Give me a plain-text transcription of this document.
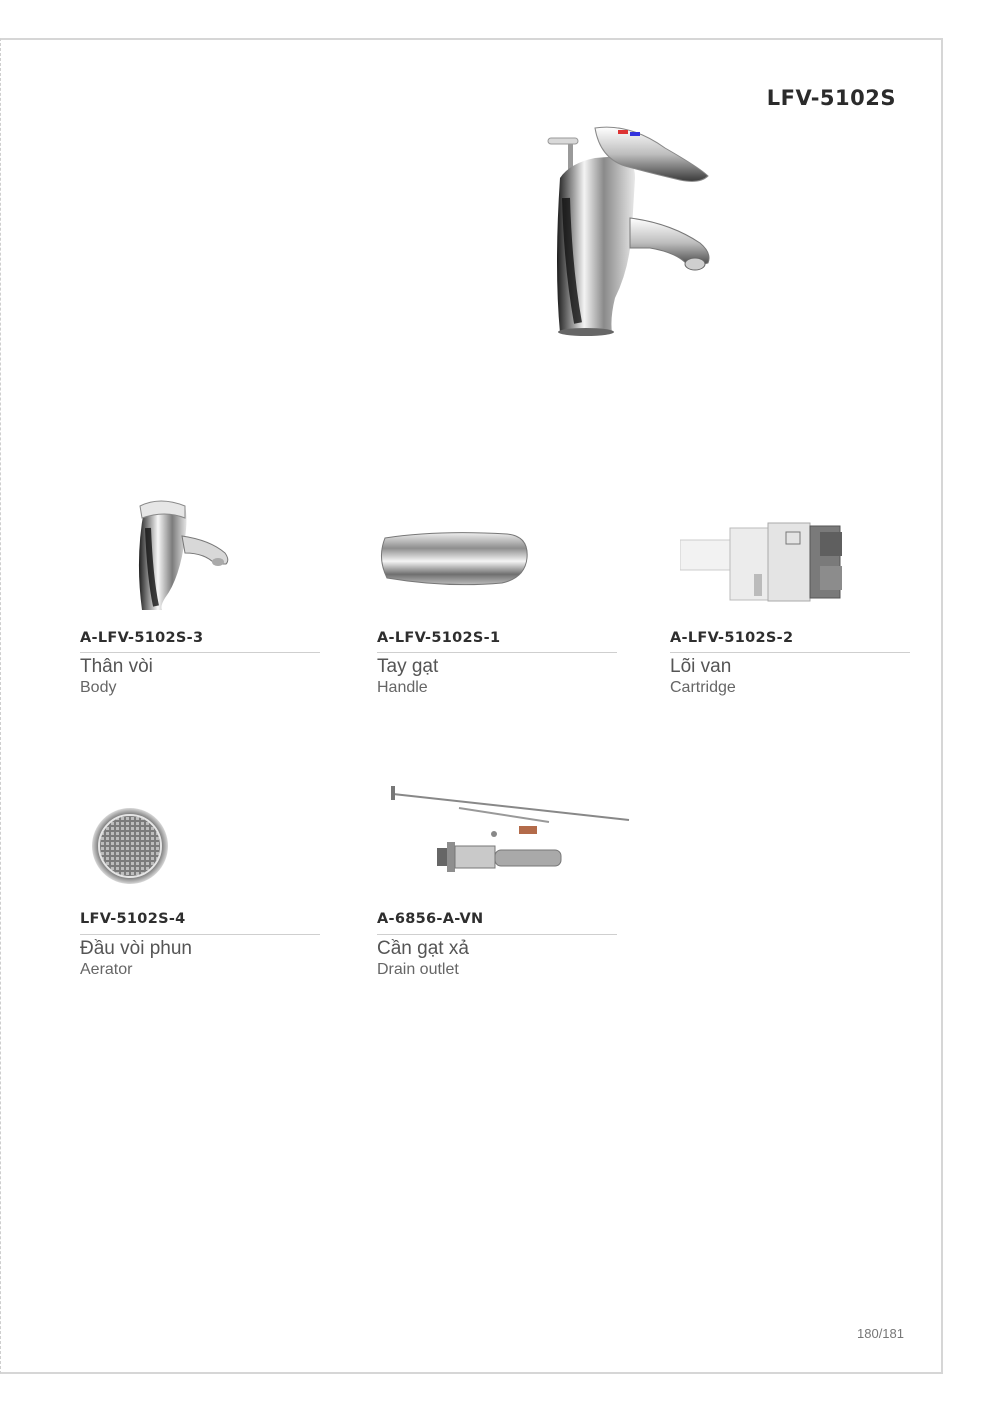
LFV-5102S
A-LFV-5102S-3
Thân vòi
Body
A-LFV-5102S-1
Tay gạt
Handle
A-LFV-5102S-2
Lõi van
Cartridge
LFV-5102S-4
Đầu vòi phun
Aerator
A-6856-A-VN
Cần gạt xả
Drain outlet
180/181
